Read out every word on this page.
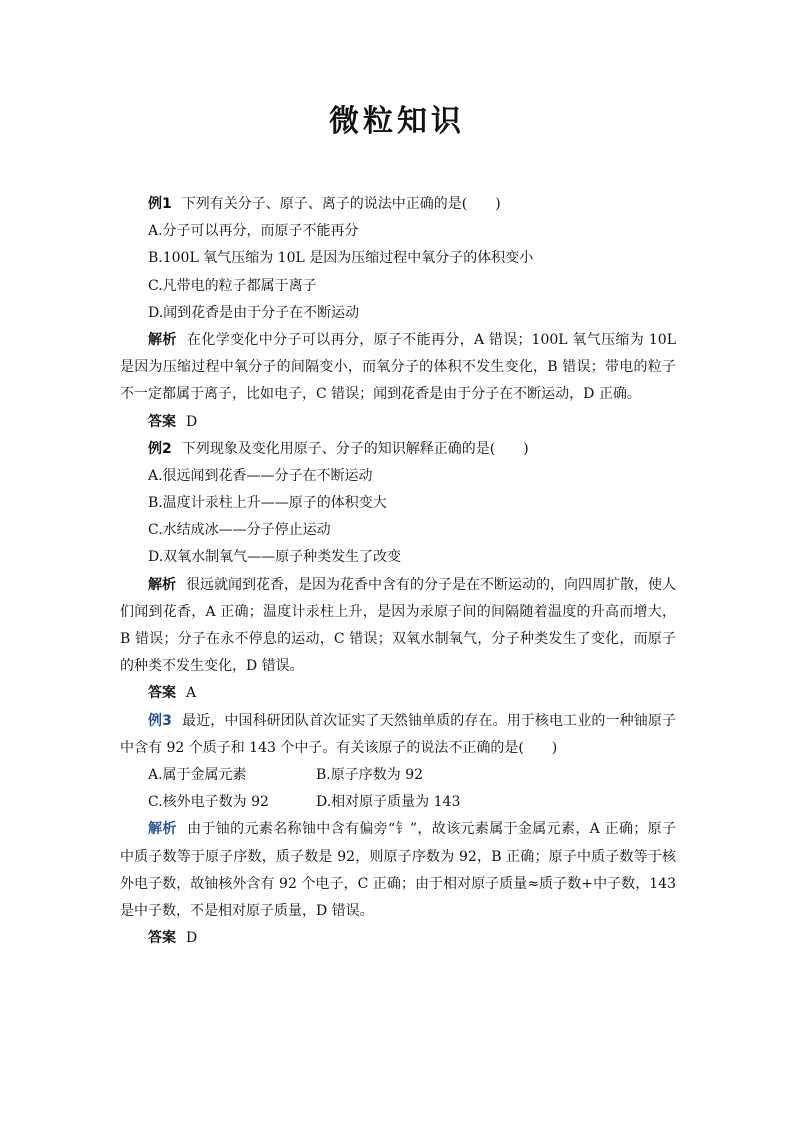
微粒知识
例1 下列有关分子、原子、离子的说法中正确的是(　　)
A.分子可以再分，而原子不能再分
B.100L 氧气压缩为 10L 是因为压缩过程中氧分子的体积变小
C.凡带电的粒子都属于离子
D.闻到花香是由于分子在不断运动
解析 在化学变化中分子可以再分，原子不能再分，A 错误；100L 氧气压缩为 10L 是因为压缩过程中氧分子的间隔变小，而氧分子的体积不发生变化，B 错误；带电的粒子不一定都属于离子，比如电子，C 错误；闻到花香是由于分子在不断运动，D 正确。
答案 D
例2 下列现象及变化用原子、分子的知识解释正确的是(　　)
A.很远闻到花香——分子在不断运动
B.温度计汞柱上升——原子的体积变大
C.水结成冰——分子停止运动
D.双氧水制氧气——原子种类发生了改变
解析 很远就闻到花香，是因为花香中含有的分子是在不断运动的，向四周扩散，使人们闻到花香，A 正确；温度计汞柱上升，是因为汞原子间的间隔随着温度的升高而增大，B 错误；分子在永不停息的运动，C 错误；双氧水制氧气，分子种类发生了变化，而原子的种类不发生变化，D 错误。
答案 A
例3 最近，中国科研团队首次证实了天然铀单质的存在。用于核电工业的一种铀原子中含有 92 个质子和 143 个中子。有关该原子的说法不正确的是(　　)
A.属于金属元素	B.原子序数为 92
C.核外电子数为 92	D.相对原子质量为 143
解析 由于铀的元素名称铀中含有偏旁“钅”，故该元素属于金属元素，A 正确；原子中质子数等于原子序数，质子数是 92，则原子序数为 92，B 正确；原子中质子数等于核外电子数，故铀核外含有 92 个电子，C 正确；由于相对原子质量≈质子数+中子数，143 是中子数，不是相对原子质量，D 错误。
答案 D
